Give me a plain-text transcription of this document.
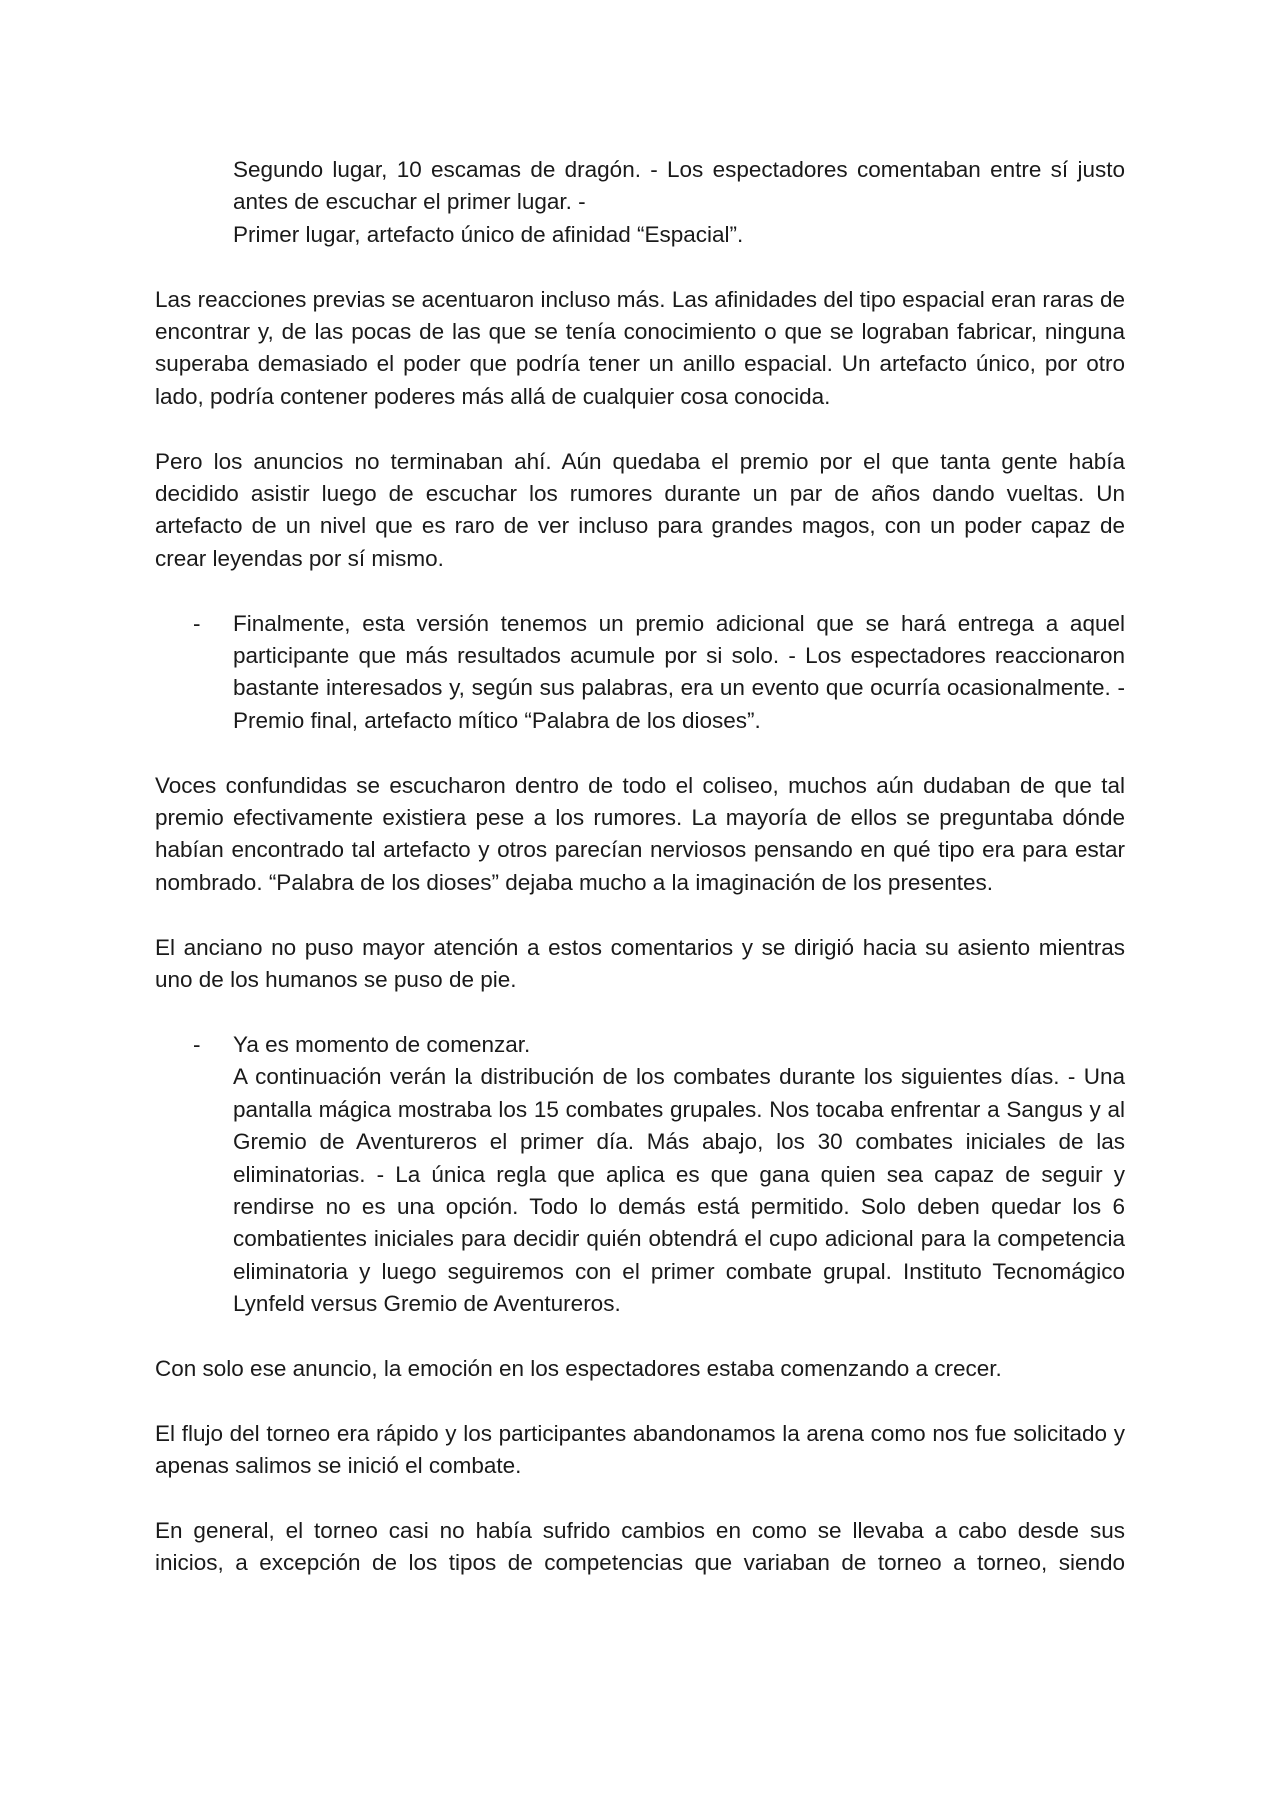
Segundo lugar, 10 escamas de dragón. - Los espectadores comentaban entre sí justo antes de escuchar el primer lugar. -

Primer lugar, artefacto único de afinidad “Espacial”.

Las reacciones previas se acentuaron incluso más. Las afinidades del tipo espacial eran raras de encontrar y, de las pocas de las que se tenía conocimiento o que se lograban fabricar, ninguna superaba demasiado el poder que podría tener un anillo espacial. Un artefacto único, por otro lado, podría contener poderes más allá de cualquier cosa conocida.

Pero los anuncios no terminaban ahí. Aún quedaba el premio por el que tanta gente había decidido asistir luego de escuchar los rumores durante un par de años dando vueltas. Un artefacto de un nivel que es raro de ver incluso para grandes magos, con un poder capaz de crear leyendas por sí mismo.

- Finalmente, esta versión tenemos un premio adicional que se hará entrega a aquel participante que más resultados acumule por si solo. - Los espectadores reaccionaron bastante interesados y, según sus palabras, era un evento que ocurría ocasionalmente. - Premio final, artefacto mítico “Palabra de los dioses”.

Voces confundidas se escucharon dentro de todo el coliseo, muchos aún dudaban de que tal premio efectivamente existiera pese a los rumores. La mayoría de ellos se preguntaba dónde habían encontrado tal artefacto y otros parecían nerviosos pensando en qué tipo era para estar nombrado. “Palabra de los dioses” dejaba mucho a la imaginación de los presentes.

El anciano no puso mayor atención a estos comentarios y se dirigió hacia su asiento mientras uno de los humanos se puso de pie.

- Ya es momento de comenzar.

A continuación verán la distribución de los combates durante los siguientes días. - Una pantalla mágica mostraba los 15 combates grupales. Nos tocaba enfrentar a Sangus y al Gremio de Aventureros el primer día. Más abajo, los 30 combates iniciales de las eliminatorias. - La única regla que aplica es que gana quien sea capaz de seguir y rendirse no es una opción. Todo lo demás está permitido. Solo deben quedar los 6 combatientes iniciales para decidir quién obtendrá el cupo adicional para la competencia eliminatoria y luego seguiremos con el primer combate grupal. Instituto Tecnomágico Lynfeld versus Gremio de Aventureros.

Con solo ese anuncio, la emoción en los espectadores estaba comenzando a crecer.

El flujo del torneo era rápido y los participantes abandonamos la arena como nos fue solicitado y apenas salimos se inició el combate.

En general, el torneo casi no había sufrido cambios en como se llevaba a cabo desde sus inicios, a excepción de los tipos de competencias que variaban de torneo a torneo, siendo
